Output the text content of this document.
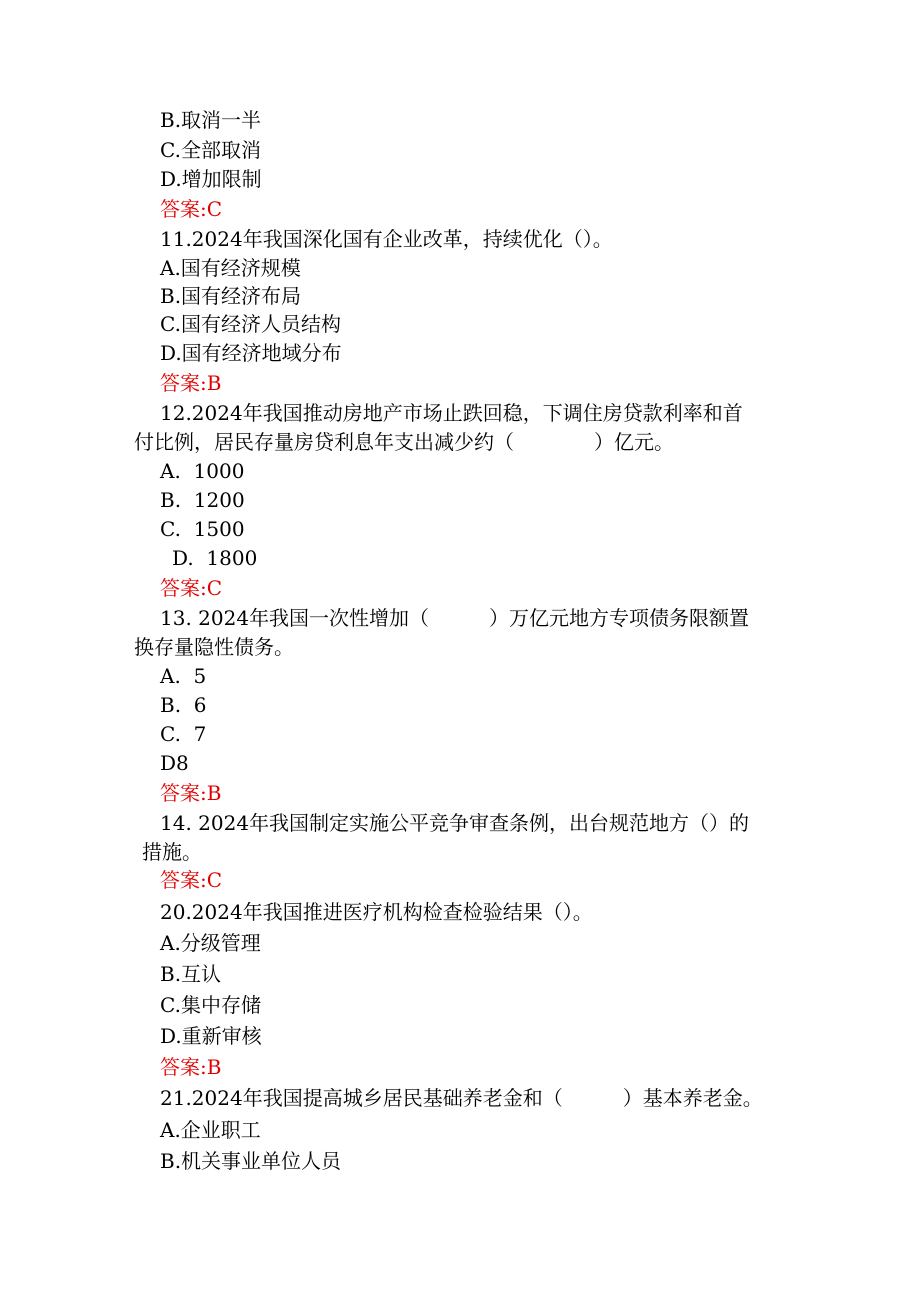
B.取消一半

C.全部取消

D.增加限制

答案:C

11.2024年我国深化国有企业改革，持续优化（）。

A.国有经济规模

B.国有经济布局

C.国有经济人员结构

D.国有经济地域分布

答案:B

12.2024年我国推动房地产市场止跌回稳，下调住房贷款利率和首

付比例，居民存量房贷利息年支出减少约（　　　　）亿元。

A.  1000

B.  1200

C.  1500

D.  1800

答案:C

13. 2024年我国一次性增加（　　　）万亿元地方专项债务限额置

换存量隐性债务。

A.  5

B.  6

C.  7

D8

答案:B

14. 2024年我国制定实施公平竞争审查条例，出台规范地方（）的

措施。

答案:C

20.2024年我国推进医疗机构检查检验结果（）。

A.分级管理

B.互认

C.集中存储

D.重新审核

答案:B

21.2024年我国提高城乡居民基础养老金和（　　　）基本养老金。

A.企业职工

B.机关事业单位人员
